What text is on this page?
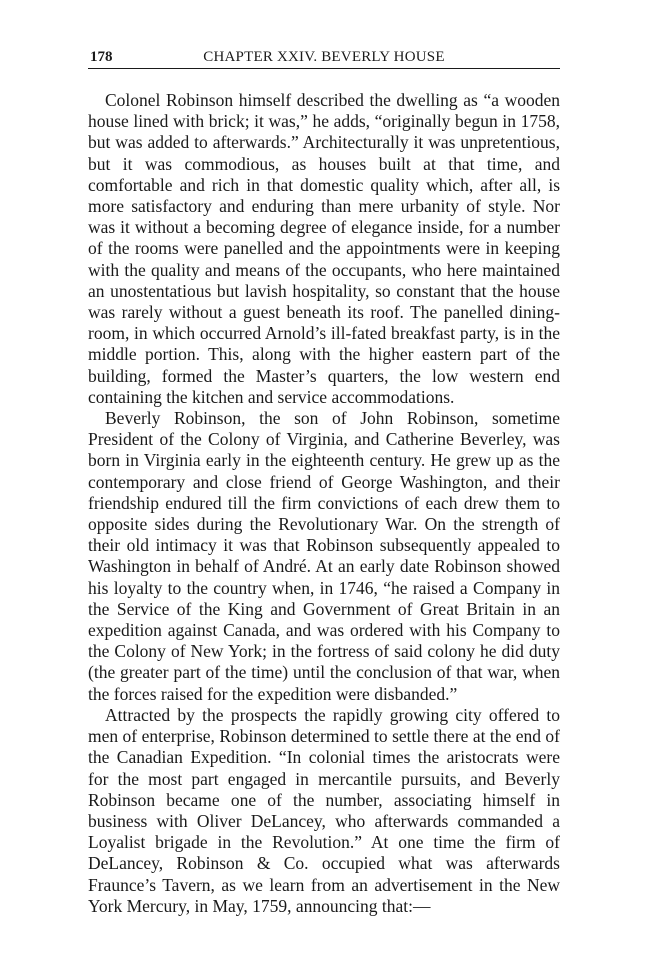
178	CHAPTER XXIV. BEVERLY HOUSE

Colonel Robinson himself described the dwelling as “a wooden house lined with brick; it was,” he adds, “originally begun in 1758, but was added to afterwards.” Architecturally it was unpretentious, but it was commodious, as houses built at that time, and comfortable and rich in that domestic quality which, after all, is more satisfactory and enduring than mere urbanity of style. Nor was it without a becoming degree of elegance inside, for a number of the rooms were panelled and the appointments were in keeping with the quality and means of the occupants, who here maintained an unostentatious but lavish hospitality, so constant that the house was rarely without a guest beneath its roof. The panelled dining-room, in which occurred Arnold’s ill-fated breakfast party, is in the middle portion. This, along with the higher eastern part of the building, formed the Master’s quarters, the low western end containing the kitchen and service accommodations.

Beverly Robinson, the son of John Robinson, sometime President of the Colony of Virginia, and Catherine Beverley, was born in Virginia early in the eighteenth century. He grew up as the contemporary and close friend of George Washington, and their friendship endured till the firm convictions of each drew them to opposite sides during the Revolutionary War. On the strength of their old intimacy it was that Robinson subsequently appealed to Washington in behalf of André. At an early date Robinson showed his loyalty to the country when, in 1746, “he raised a Company in the Service of the King and Government of Great Britain in an expedition against Canada, and was ordered with his Company to the Colony of New York; in the fortress of said colony he did duty (the greater part of the time) until the conclusion of that war, when the forces raised for the expedition were disbanded.”

Attracted by the prospects the rapidly growing city offered to men of enterprise, Robinson determined to settle there at the end of the Canadian Expedition. “In colonial times the aristocrats were for the most part engaged in mercantile pursuits, and Beverly Robinson became one of the number, associating himself in business with Oliver DeLancey, who afterwards commanded a Loyalist brigade in the Revolution.” At one time the firm of DeLancey, Robinson & Co. occupied what was afterwards Fraunce’s Tavern, as we learn from an advertisement in the New York Mercury, in May, 1759, announcing that:—
